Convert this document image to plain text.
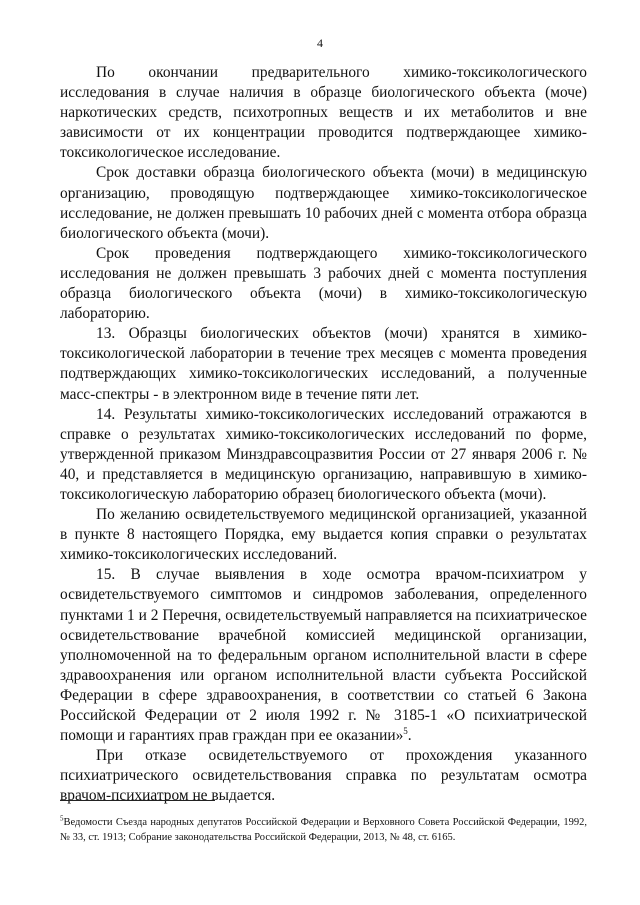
4

По окончании предварительного химико-токсикологического исследования в случае наличия в образце биологического объекта (моче) наркотических средств, психотропных веществ и их метаболитов и вне зависимости от их концентрации проводится подтверждающее химико-токсикологическое исследование.

Срок доставки образца биологического объекта (мочи) в медицинскую организацию, проводящую подтверждающее химико-токсикологическое исследование, не должен превышать 10 рабочих дней с момента отбора образца биологического объекта (мочи).

Срок проведения подтверждающего химико-токсикологического исследования не должен превышать 3 рабочих дней с момента поступления образца биологического объекта (мочи) в химико-токсикологическую лабораторию.

13. Образцы биологических объектов (мочи) хранятся в химико-токсикологической лаборатории в течение трех месяцев с момента проведения подтверждающих химико-токсикологических исследований, а полученные масс-спектры - в электронном виде в течение пяти лет.

14. Результаты химико-токсикологических исследований отражаются в справке о результатах химико-токсикологических исследований по форме, утвержденной приказом Минздравсоцразвития России от 27 января 2006 г. № 40, и представляется в медицинскую организацию, направившую в химико-токсикологическую лабораторию образец биологического объекта (мочи).

По желанию освидетельствуемого медицинской организацией, указанной в пункте 8 настоящего Порядка, ему выдается копия справки о результатах химико-токсикологических исследований.

15. В случае выявления в ходе осмотра врачом-психиатром у освидетельствуемого симптомов и синдромов заболевания, определенного пунктами 1 и 2 Перечня, освидетельствуемый направляется на психиатрическое освидетельствование врачебной комиссией медицинской организации, уполномоченной на то федеральным органом исполнительной власти в сфере здравоохранения или органом исполнительной власти субъекта Российской Федерации в сфере здравоохранения, в соответствии со статьей 6 Закона Российской Федерации от 2 июля 1992 г. № 3185-1 «О психиатрической помощи и гарантиях прав граждан при ее оказании»$^5$.

При отказе освидетельствуемого от прохождения указанного психиатрического освидетельствования справка по результатам осмотра врачом-психиатром не выдается.

$^5$Ведомости Съезда народных депутатов Российской Федерации и Верховного Совета Российской Федерации, 1992, № 33, ст. 1913; Собрание законодательства Российской Федерации, 2013, № 48, ст. 6165.
